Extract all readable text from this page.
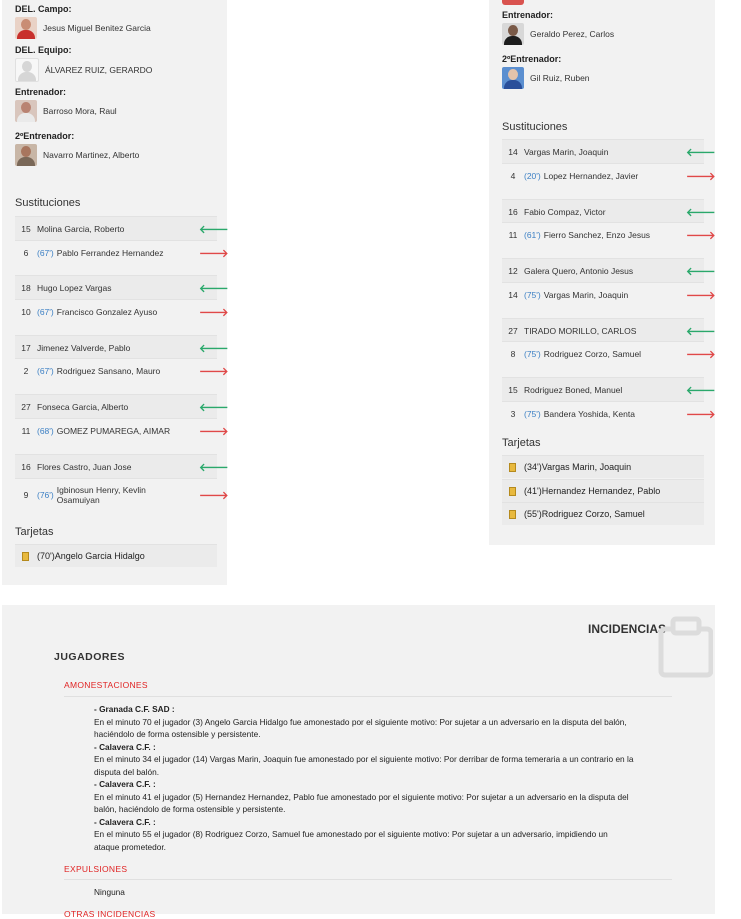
DEL. Campo:
Jesus Miguel Benitez Garcia
DEL. Equipo:
ÁLVAREZ RUIZ, GERARDO
Entrenador:
Barroso Mora, Raul
2ºEntrenador:
Navarro Martinez, Alberto
Sustituciones
15 Molina Garcia, Roberto	🡐
6	(67') Pablo Ferrandez Hernandez	🡒
18 Hugo Lopez Vargas	🡐
10 (67') Francisco Gonzalez Ayuso	🡒
17 Jimenez Valverde, Pablo	🡐
2	(67') Rodriguez Sansano, Mauro	🡒
27 Fonseca Garcia, Alberto	🡐
11 (68') GOMEZ PUMAREGA, AIMAR	🡒
16 Flores Castro, Juan Jose	🡐
9	(76') Igbinosun Henry, Kevlin Osamuiyan	🡒
Tarjetas
(70') Angelo Garcia Hidalgo
Entrenador:
Geraldo Perez, Carlos
2ºEntrenador:
Gil Ruiz, Ruben
Sustituciones
14 Vargas Marin, Joaquin	🡐
4	(20') Lopez Hernandez, Javier	🡒
16 Fabio Compaz, Victor	🡐
11 (61') Fierro Sanchez, Enzo Jesus	🡒
12 Galera Quero, Antonio Jesus	🡐
14 (75') Vargas Marin, Joaquin	🡒
27 TIRADO MORILLO, CARLOS	🡐
8	(75') Rodriguez Corzo, Samuel	🡒
15 Rodriguez Boned, Manuel	🡐
3	(75') Bandera Yoshida, Kenta	🡒
Tarjetas
(34') Vargas Marin, Joaquin
(41') Hernandez Hernandez, Pablo
(55') Rodriguez Corzo, Samuel
INCIDENCIAS
JUGADORES
AMONESTACIONES
- Granada C.F. SAD :
En el minuto 70 el jugador (3) Angelo Garcia Hidalgo fue amonestado por el siguiente motivo: Por sujetar a un adversario en la disputa del balón, haciéndolo de forma ostensible y persistente.
- Calavera C.F. :
En el minuto 34 el jugador (14) Vargas Marin, Joaquin fue amonestado por el siguiente motivo: Por derribar de forma temeraria a un contrario en la disputa del balón.
- Calavera C.F. :
En el minuto 41 el jugador (5) Hernandez Hernandez, Pablo fue amonestado por el siguiente motivo: Por sujetar a un adversario en la disputa del balón, haciéndolo de forma ostensible y persistente.
- Calavera C.F. :
En el minuto 55 el jugador (8) Rodriguez Corzo, Samuel fue amonestado por el siguiente motivo: Por sujetar a un adversario, impidiendo un ataque prometedor.
EXPULSIONES
Ninguna
OTRAS INCIDENCIAS
